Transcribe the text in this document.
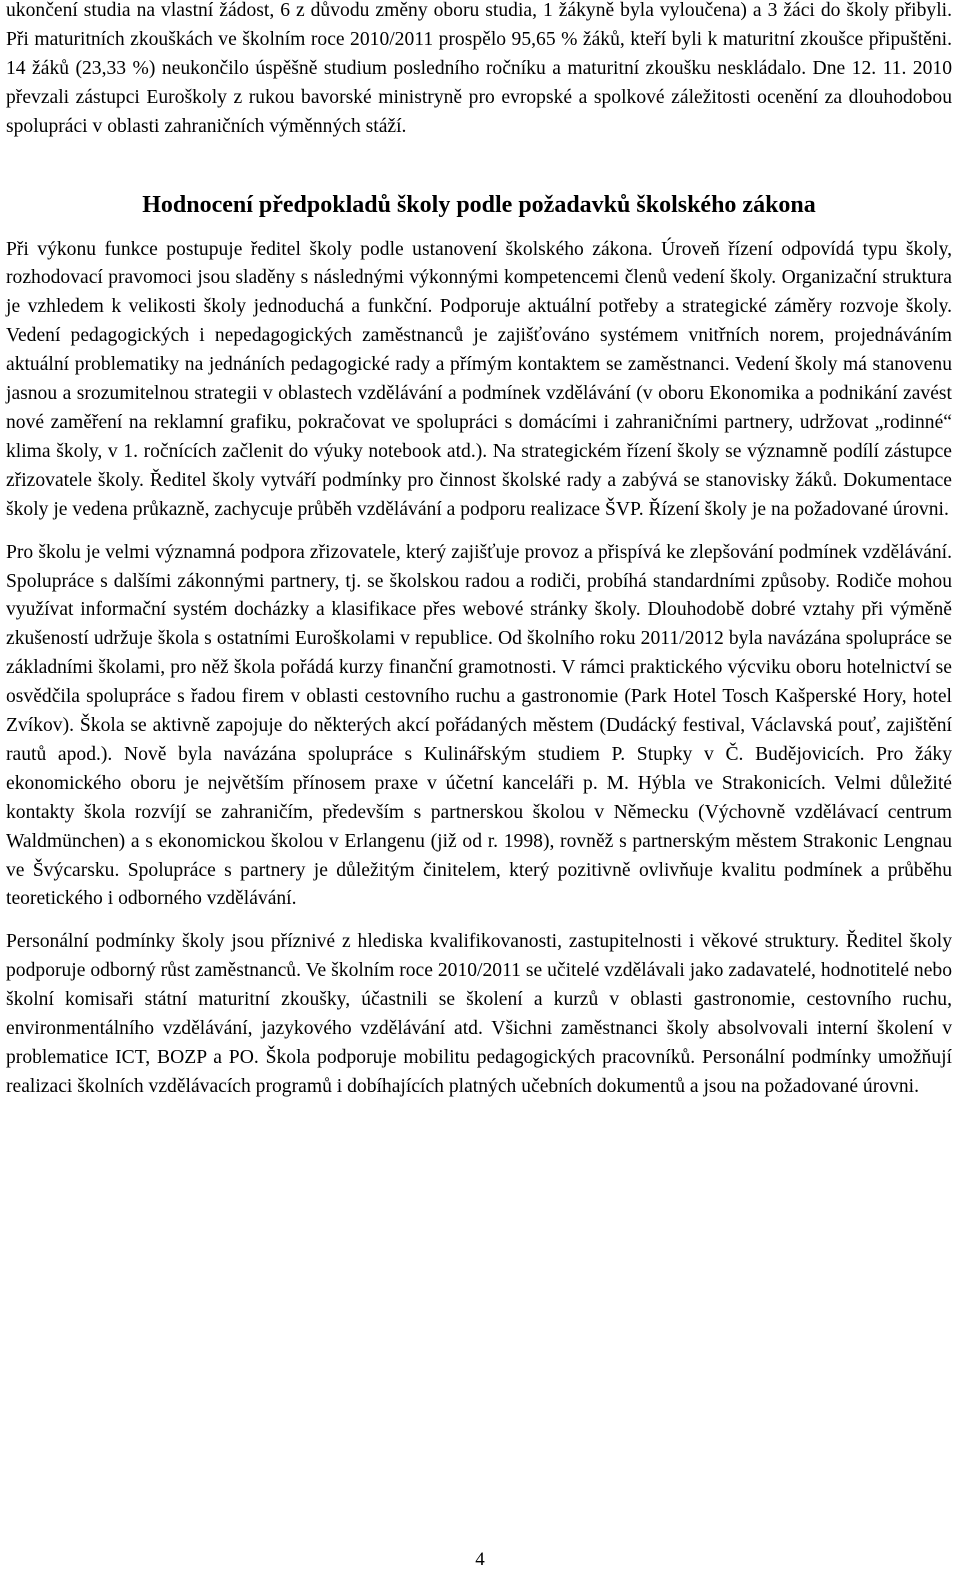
ukončení studia na vlastní žádost, 6 z důvodu změny oboru studia, 1 žákyně byla vyloučena) a 3 žáci do školy přibyli. Při maturitních zkouškách ve školním roce 2010/2011 prospělo 95,65 % žáků, kteří byli k maturitní zkoušce připuštěni. 14 žáků (23,33 %) neukončilo úspěšně studium posledního ročníku a maturitní zkoušku neskládalo. Dne 12. 11. 2010 převzali zástupci Euroškoly z rukou bavorské ministryně pro evropské a spolkové záležitosti ocenění za dlouhodobou spolupráci v oblasti zahraničních výměnných stáží.

Hodnocení předpokladů školy podle požadavků školského zákona

Při výkonu funkce postupuje ředitel školy podle ustanovení školského zákona. Úroveň řízení odpovídá typu školy, rozhodovací pravomoci jsou sladěny s následnými výkonnými kompetencemi členů vedení školy. Organizační struktura je vzhledem k velikosti školy jednoduchá a funkční. Podporuje aktuální potřeby a strategické záměry rozvoje školy. Vedení pedagogických i nepedagogických zaměstnanců je zajišťováno systémem vnitřních norem, projednáváním aktuální problematiky na jednáních pedagogické rady a přímým kontaktem se zaměstnanci. Vedení školy má stanovenu jasnou a srozumitelnou strategii v oblastech vzdělávání a podmínek vzdělávání (v oboru Ekonomika a podnikání zavést nové zaměření na reklamní grafiku, pokračovat ve spolupráci s domácími i zahraničními partnery, udržovat „rodinné“ klima školy, v 1. ročnících začlenit do výuky notebook atd.). Na strategickém řízení školy se významně podílí zástupce zřizovatele školy. Ředitel školy vytváří podmínky pro činnost školské rady a zabývá se stanovisky žáků. Dokumentace školy je vedena průkazně, zachycuje průběh vzdělávání a podporu realizace ŠVP. Řízení školy je na požadované úrovni.

Pro školu je velmi významná podpora zřizovatele, který zajišťuje provoz a přispívá ke zlepšování podmínek vzdělávání. Spolupráce s dalšími zákonnými partnery, tj. se školskou radou a rodiči, probíhá standardními způsoby. Rodiče mohou využívat informační systém docházky a klasifikace přes webové stránky školy. Dlouhodobě dobré vztahy při výměně zkušeností udržuje škola s ostatními Euroškolami v republice. Od školního roku 2011/2012 byla navázána spolupráce se základními školami, pro něž škola pořádá kurzy finanční gramotnosti. V rámci praktického výcviku oboru hotelnictví se osvědčila spolupráce s řadou firem v oblasti cestovního ruchu a gastronomie (Park Hotel Tosch Kašperské Hory, hotel Zvíkov). Škola se aktivně zapojuje do některých akcí pořádaných městem (Dudácký festival, Václavská pouť, zajištění rautů apod.). Nově byla navázána spolupráce s Kulinářským studiem P. Stupky v Č. Budějovicích. Pro žáky ekonomického oboru je největším přínosem praxe v účetní kanceláři p. M. Hýbla ve Strakonicích. Velmi důležité kontakty škola rozvíjí se zahraničím, především s partnerskou školou v Německu (Výchovně vzdělávací centrum Waldmünchen) a s ekonomickou školou v Erlangenu (již od r. 1998), rovněž s partnerským městem Strakonic Lengnau ve Švýcarsku. Spolupráce s partnery je důležitým činitelem, který pozitivně ovlivňuje kvalitu podmínek a průběhu teoretického i odborného vzdělávání.

Personální podmínky školy jsou příznivé z hlediska kvalifikovanosti, zastupitelnosti i věkové struktury. Ředitel školy podporuje odborný růst zaměstnanců. Ve školním roce 2010/2011 se učitelé vzdělávali jako zadavatelé, hodnotitelé nebo školní komisaři státní maturitní zkoušky, účastnili se školení a kurzů v oblasti gastronomie, cestovního ruchu, environmentálního vzdělávání, jazykového vzdělávání atd. Všichni zaměstnanci školy absolvovali interní školení v problematice ICT, BOZP a PO. Škola podporuje mobilitu pedagogických pracovníků. Personální podmínky umožňují realizaci školních vzdělávacích programů i dobíhajících platných učebních dokumentů a jsou na požadované úrovni.

4
